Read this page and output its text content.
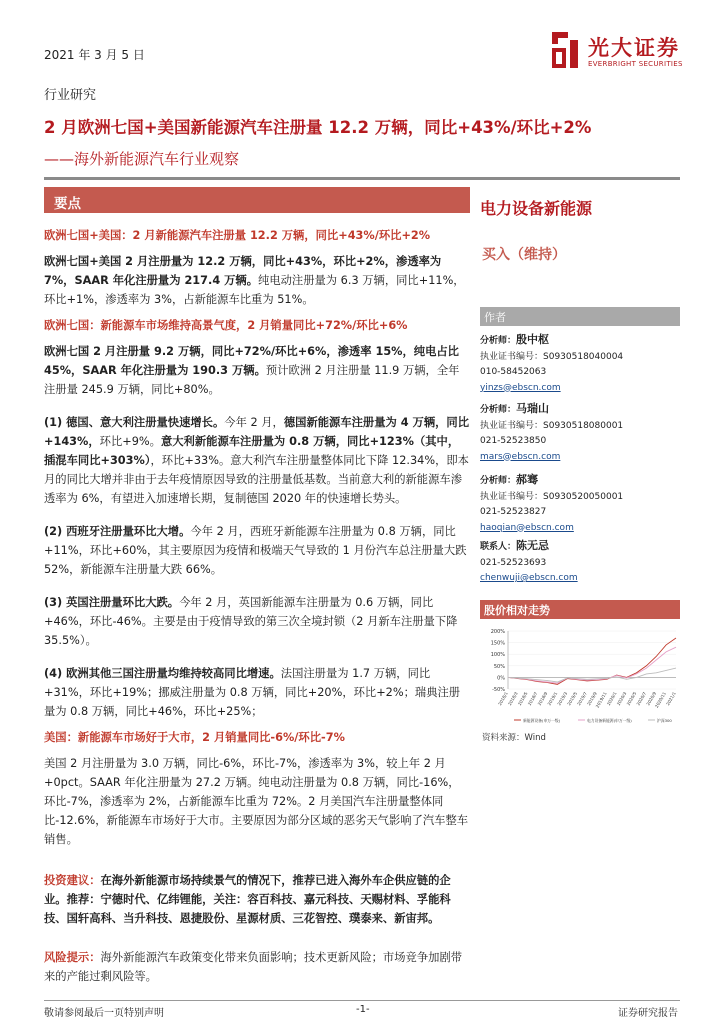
2021 年 3 月 5 日	光大证券
EVERBRIGHT SECURITIES
行业研究
2 月欧洲七国+美国新能源汽车注册量 12.2 万辆，同比+43%/环比+2%
——海外新能源汽车行业观察
要点
欧洲七国+美国：2 月新能源汽车注册量 12.2 万辆，同比+43%/环比+2%
欧洲七国+美国 2 月注册量为 12.2 万辆，同比+43%，环比+2%，渗透率为 7%，SAAR 年化注册量为 217.4 万辆。纯电动注册量为 6.3 万辆，同比+11%，环比+1%，渗透率为 3%，占新能源车比重为 51%。
欧洲七国：新能源车市场维持高景气度，2 月销量同比+72%/环比+6%
欧洲七国 2 月注册量 9.2 万辆，同比+72%/环比+6%，渗透率 15%，纯电占比 45%，SAAR 年化注册量为 190.3 万辆。预计欧洲 2 月注册量 11.9 万辆，全年注册量 245.9 万辆，同比+80%。
(1) 德国、意大利注册量快速增长。今年 2 月，德国新能源车注册量为 4 万辆，同比+143%，环比+9%。意大利新能源车注册量为 0.8 万辆，同比+123%（其中，插混车同比+303%），环比+33%。意大利汽车注册量整体同比下降 12.34%，即本月的同比大增并非由于去年疫情原因导致的注册量低基数。当前意大利的新能源车渗透率为 6%，有望进入加速增长期，复制德国 2020 年的快速增长势头。
(2) 西班牙注册量环比大增。今年 2 月，西班牙新能源车注册量为 0.8 万辆，同比+11%，环比+60%，其主要原因为疫情和极端天气导致的 1 月份汽车总注册量大跌 52%，新能源车注册量大跌 66%。
(3) 英国注册量环比大跌。今年 2 月，英国新能源车注册量为 0.6 万辆，同比+46%，环比-46%。主要是由于疫情导致的第三次全境封锁（2 月新车注册量下降 35.5%）。
(4) 欧洲其他三国注册量均维持较高同比增速。法国注册量为 1.7 万辆，同比+31%，环比+19%；挪威注册量为 0.8 万辆，同比+20%，环比+2%；瑞典注册量为 0.8 万辆，同比+46%，环比+25%；
美国：新能源车市场好于大市，2 月销量同比-6%/环比-7%
美国 2 月注册量为 3.0 万辆，同比-6%，环比-7%，渗透率为 3%，较上年 2 月+0pct。SAAR 年化注册量为 27.2 万辆。纯电动注册量为 0.8 万辆，同比-16%，环比-7%，渗透率为 2%，占新能源车比重为 72%。2 月美国汽车注册量整体同比-12.6%，新能源车市场好于大市。主要原因为部分区域的恶劣天气影响了汽车整车销售。
投资建议：在海外新能源市场持续景气的情况下，推荐已进入海外车企供应链的企业。推荐：宁德时代、亿纬锂能，关注：容百科技、嘉元科技、天赐材料、孚能科技、国轩高科、当升科技、恩捷股份、星源材质、三花智控、璞泰来、新宙邦。
风险提示：海外新能源汽车政策变化带来负面影响；技术更新风险；市场竞争加剧带来的产能过剩风险等。
电力设备新能源
买入（维持）
作者
分析师：殷中枢
执业证书编号：S0930518040004
010-58452063
yinzs@ebscn.com
分析师：马瑞山
执业证书编号：S0930518080001
021-52523850
mars@ebscn.com
分析师：郝骞
执业证书编号：S0930520050001
021-52523827
haoqian@ebscn.com
联系人：陈无忌
021-52523693
chenwuji@ebscn.com
股价相对走势
200%
150%
100%
50%
0%
-50%
2018/1
2018/3
2018/5
2018/7
2018/9
2019/1
2019/3
2019/5
2019/7
2019/9
2019/11
2020/1
2020/3
2020/5
2020/7
2020/9
2020/11
2021/1
新能源设备(申万一级)	电力设备新能源(申万一级)	沪深300
资料来源：Wind
敬请参阅最后一页特别声明	-1-	证券研究报告
